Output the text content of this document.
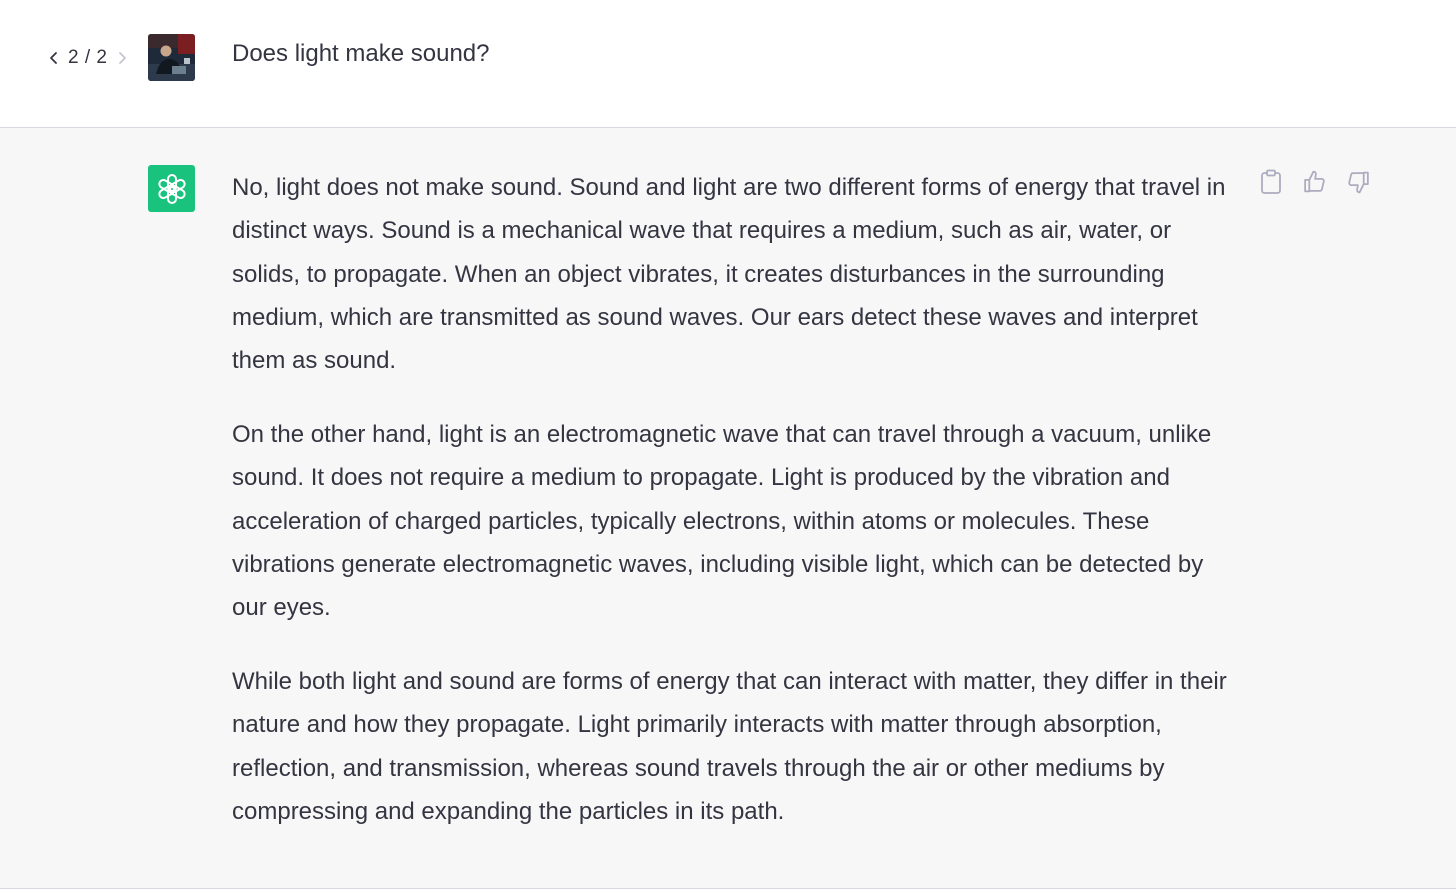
2 / 2	Does light make sound?

No, light does not make sound. Sound and light are two different forms of energy that travel in distinct ways. Sound is a mechanical wave that requires a medium, such as air, water, or solids, to propagate. When an object vibrates, it creates disturbances in the surrounding medium, which are transmitted as sound waves. Our ears detect these waves and interpret them as sound.

On the other hand, light is an electromagnetic wave that can travel through a vacuum, unlike sound. It does not require a medium to propagate. Light is produced by the vibration and acceleration of charged particles, typically electrons, within atoms or molecules. These vibrations generate electromagnetic waves, including visible light, which can be detected by our eyes.

While both light and sound are forms of energy that can interact with matter, they differ in their nature and how they propagate. Light primarily interacts with matter through absorption, reflection, and transmission, whereas sound travels through the air or other mediums by compressing and expanding the particles in its path.
